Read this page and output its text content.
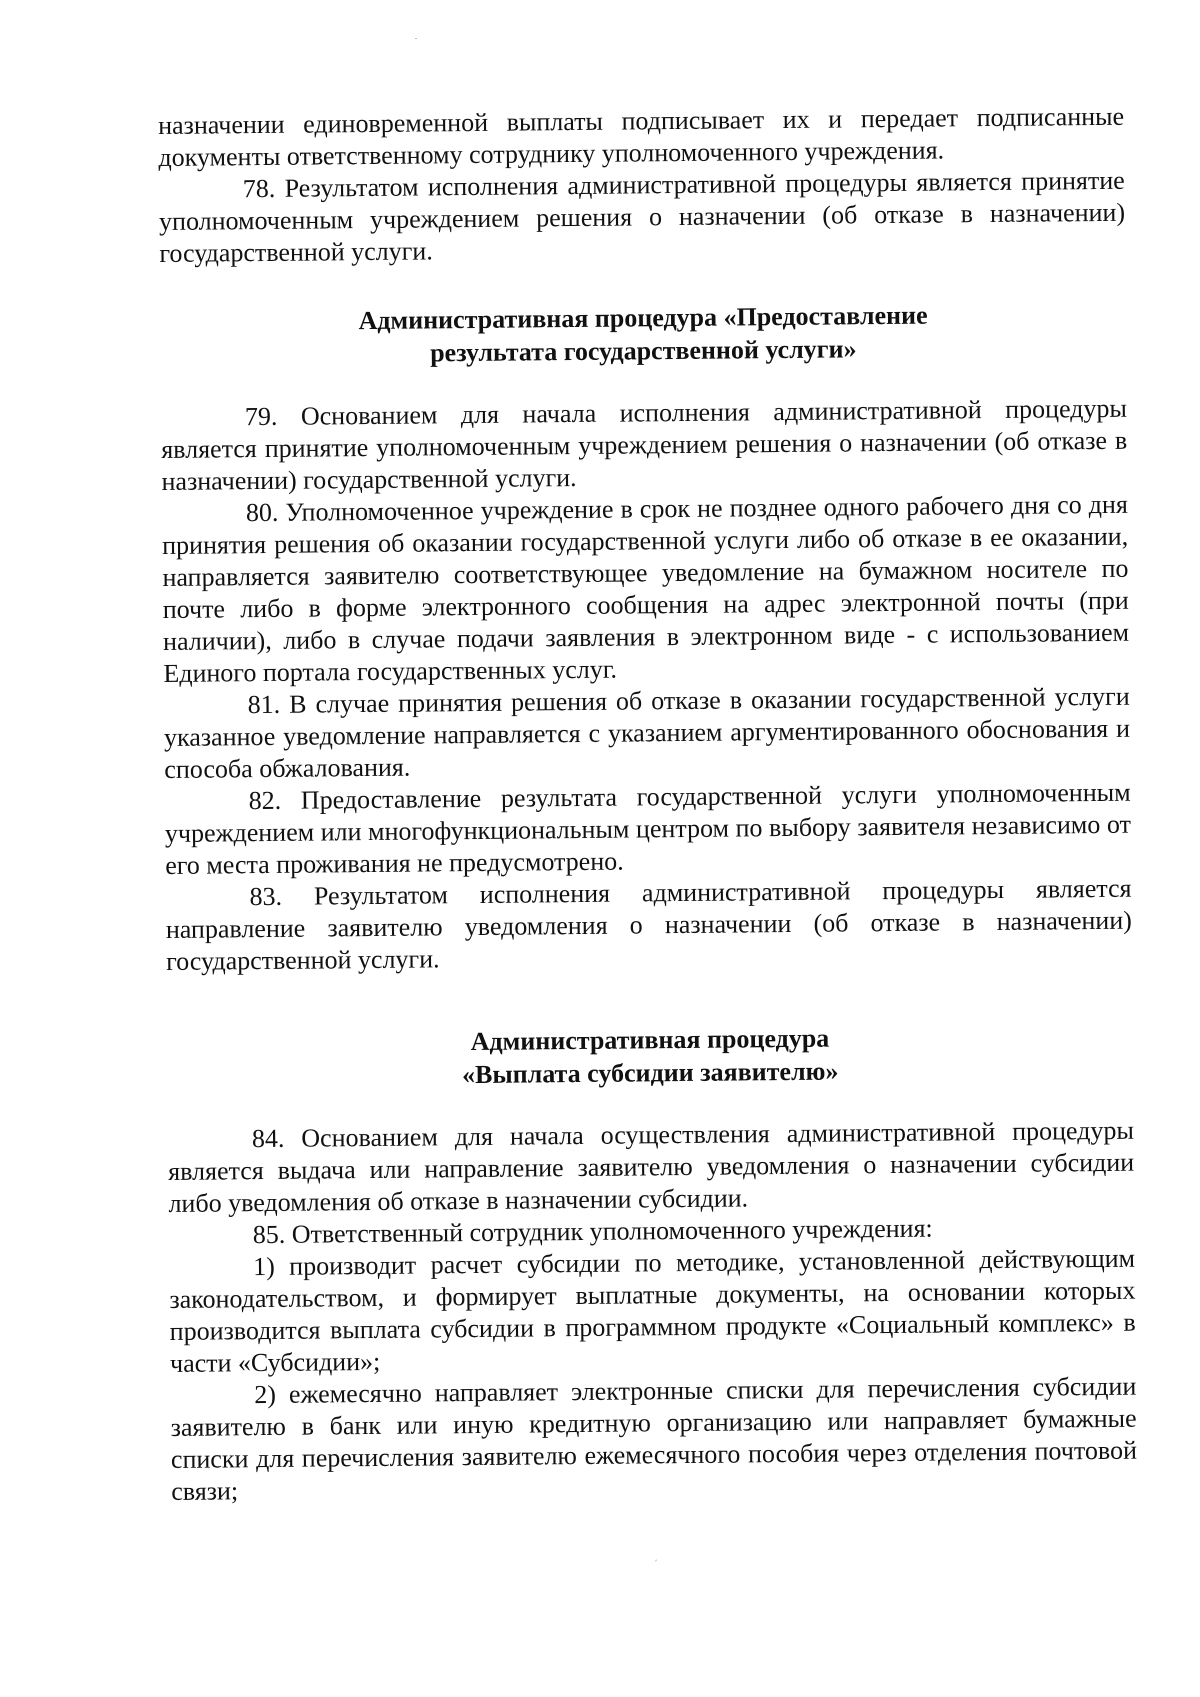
назначении единовременной выплаты подписывает их и передает подписанные документы ответственному сотруднику уполномоченного учреждения.

78. Результатом исполнения административной процедуры является принятие уполномоченным учреждением решения о назначении (об отказе в назначении) государственной услуги.

Административная процедура «Предоставление
результата государственной услуги»

79. Основанием для начала исполнения административной процедуры является принятие уполномоченным учреждением решения о назначении (об отказе в назначении) государственной услуги.

80. Уполномоченное учреждение в срок не позднее одного рабочего дня со дня принятия решения об оказании государственной услуги либо об отказе в ее оказании, направляется заявителю соответствующее уведомление на бумажном носителе по почте либо в форме электронного сообщения на адрес электронной почты (при наличии), либо в случае подачи заявления в электронном виде - с использованием Единого портала государственных услуг.

81. В случае принятия решения об отказе в оказании государственной услуги указанное уведомление направляется с указанием аргументированного обоснования и способа обжалования.

82. Предоставление результата государственной услуги уполномоченным учреждением или многофункциональным центром по выбору заявителя независимо от его места проживания не предусмотрено.

83. Результатом исполнения административной процедуры является направление заявителю уведомления о назначении (об отказе в назначении) государственной услуги.

Административная процедура
«Выплата субсидии заявителю»

84. Основанием для начала осуществления административной процедуры является выдача или направление заявителю уведомления о назначении субсидии либо уведомления об отказе в назначении субсидии.

85. Ответственный сотрудник уполномоченного учреждения:

1) производит расчет субсидии по методике, установленной действующим законодательством, и формирует выплатные документы, на основании которых производится выплата субсидии в программном продукте «Социальный комплекс» в части «Субсидии»;

2) ежемесячно направляет электронные списки для перечисления субсидии заявителю в банк или иную кредитную организацию или направляет бумажные списки для перечисления заявителю ежемесячного пособия через отделения почтовой связи;
